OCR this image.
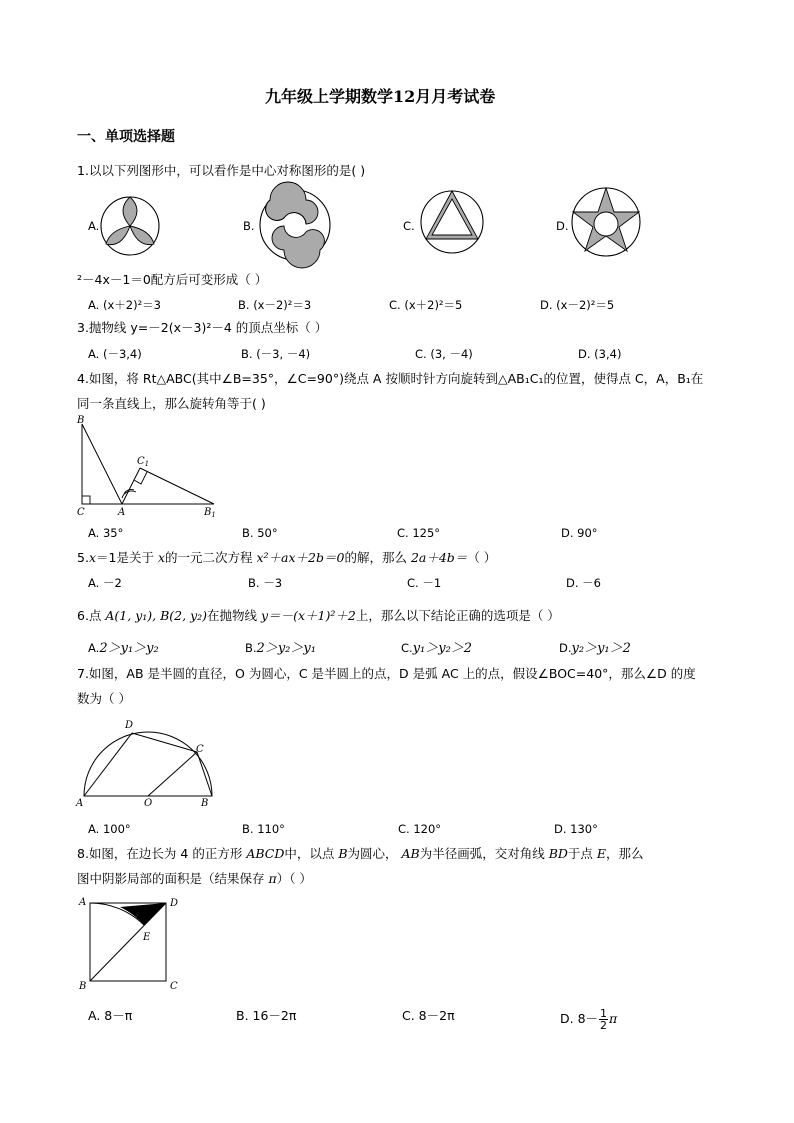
九年级上学期数学12月月考试卷
一、单项选择题
1.以以下列图形中，可以看作是中心对称图形的是( )
A.	B.	C.	D.
²－4x－1＝0配方后可变形成（ ）
A. (x＋2)²＝3	B. (x－2)²＝3	C. (x＋2)²＝5	D. (x－2)²＝5
3.抛物线 y=－2(x－3)²－4 的顶点坐标（ ）
A. (－3,4)	B. (－3, －4)	C. (3, －4)	D. (3,4)
4.如图，将 Rt△ABC(其中∠B=35°，∠C=90°)绕点 A 按顺时针方向旋转到△AB₁C₁的位置，使得点 C，A，B₁在
同一条直线上，那么旋转角等于( )
B
C	A
$C_1$
$B_1$
A. 35°	B. 50°	C. 125°	D. 90°
5.x＝1是关于 x的一元二次方程 x²＋ax＋2b＝0的解，那么 2a＋4b＝（ ）
A. －2	B. －3	C. －1	D. －6
6.点 A(1, y₁), B(2, y₂)在抛物线 y＝－(x＋1)²＋2上，那么以下结论正确的选项是（ ）
A.2＞y₁＞y₂	B.2＞y₂＞y₁	C.y₁＞y₂＞2	D.y₂＞y₁＞2
7.如图，AB 是半圆的直径，O 为圆心，C 是半圆上的点，D 是弧 AC 上的点，假设∠BOC=40°，那么∠D 的度
数为（ ）
D
C
A	O	B
A. 100°	B. 110°	C. 120°	D. 130°
8.如图，在边长为 4 的正方形 ABCD中，以点 B为圆心， AB为半径画弧，交对角线 BD于点 E，那么
图中阴影局部的面积是（结果保存 π）（ ）
A	D
E
B	C
A. 8－π	B. 16－2π	C. 8－2π	D. $8- \frac{1}{2}$ π
